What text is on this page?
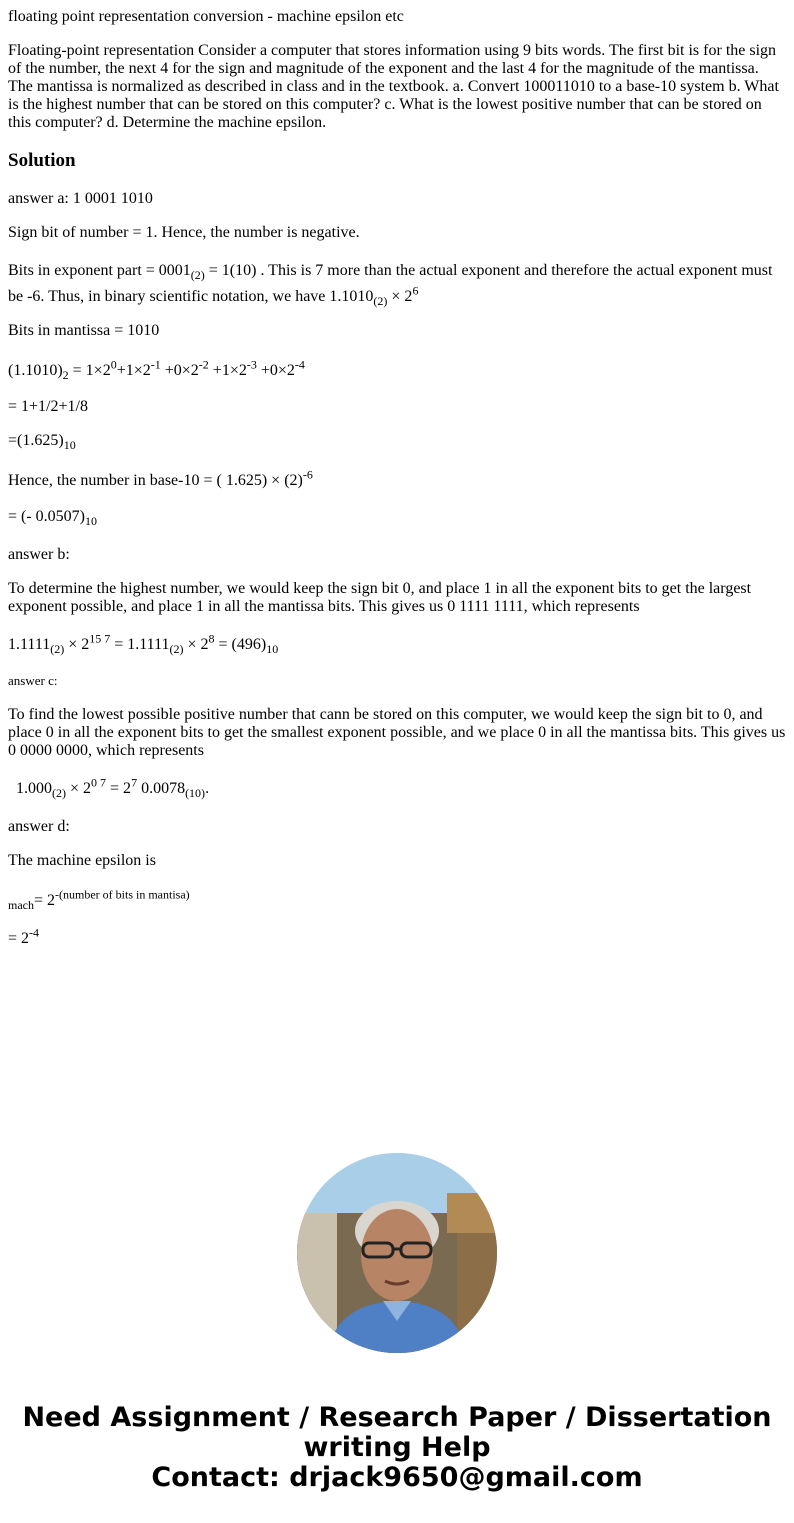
floating point representation conversion - machine epsilon etc

Floating-point representation Consider a computer that stores information using 9 bits words. The first bit is for the sign of the number, the next 4 for the sign and magnitude of the exponent and the last 4 for the magnitude of the mantissa. The mantissa is normalized as described in class and in the textbook. a. Convert 100011010 to a base-10 system b. What is the highest number that can be stored on this computer? c. What is the lowest positive number that can be stored on this computer? d. Determine the machine epsilon.

Solution

answer a: 1 0001 1010

Sign bit of number = 1. Hence, the number is negative.

Bits in exponent part = $0001_{(2)} = 1(10)$ . This is 7 more than the actual exponent and therefore the actual exponent must be -6. Thus, in binary scientific notation, we have $1.1010_{(2)} \times 2^6$

Bits in mantissa = 1010

$(1.1010)_2 = 1\times 2^0+1\times 2^{-1} +0\times 2^{-2} +1\times 2^{-3} +0\times 2^{-4}$

= 1+1/2+1/8

$=(1.625)_{10}$

Hence, the number in base-10 = ( $1.625) \times (2)^{-6}$

= (- $0.0507)_{10}$

answer b:

To determine the highest number, we would keep the sign bit 0, and place 1 in all the exponent bits to get the largest exponent possible, and place 1 in all the mantissa bits. This gives us 0 1111 1111, which represents

$1.1111_{(2)} \times 2^{15 7} = 1.1111_{(2)} \times 2^8 = (496)_{10}$

answer c:

To find the lowest possible positive number that cann be stored on this computer, we would keep the sign bit to 0, and place 0 in all the exponent bits to get the smallest exponent possible, and we place 0 in all the mantissa bits. This gives us 0 0000 0000, which represents

$1.000_{(2)} \times 2^{0 7} = 2^7$ $0.0078_{(10)}$.

answer d:

The machine epsilon is

$_{mach}= 2^{-(number of bits in mantisa)}$

= $2^{-4}$

Need Assignment / Research Paper / Dissertation
writing Help
Contact: drjack9650@gmail.com
